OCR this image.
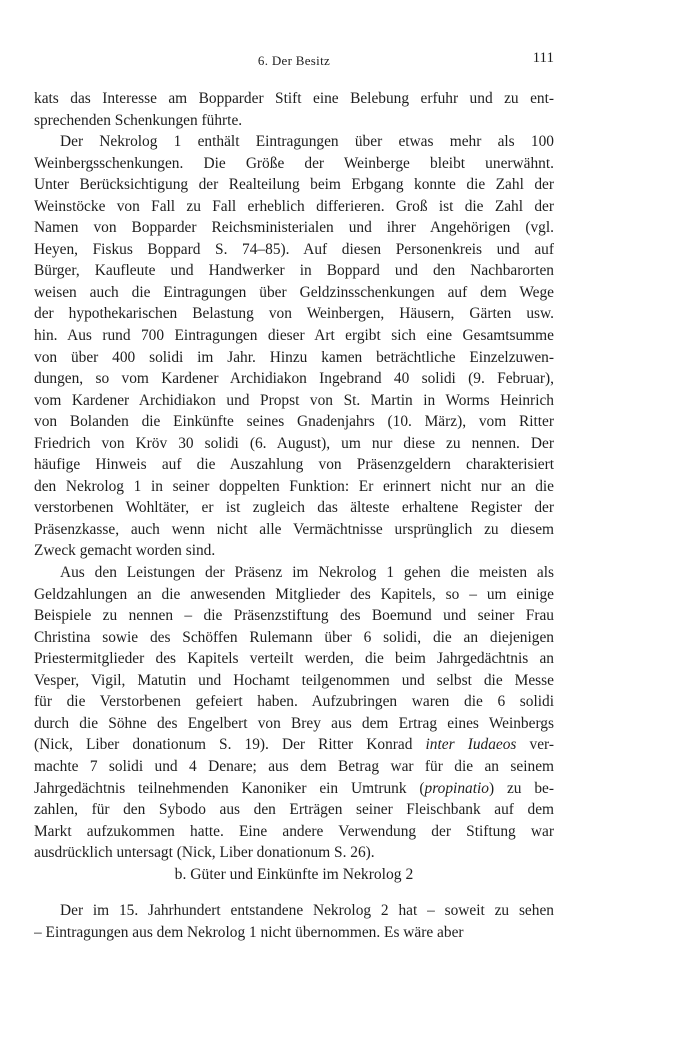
6. Der Besitz	111
kats das Interesse am Bopparder Stift eine Belebung erfuhr und zu ent-
sprechenden Schenkungen führte.
Der Nekrolog 1 enthält Eintragungen über etwas mehr als 100
Weinbergsschenkungen. Die Größe der Weinberge bleibt unerwähnt.
Unter Berücksichtigung der Realteilung beim Erbgang konnte die Zahl der
Weinstöcke von Fall zu Fall erheblich differieren. Groß ist die Zahl der
Namen von Bopparder Reichsministerialen und ihrer Angehörigen (vgl.
Heyen, Fiskus Boppard S. 74–85). Auf diesen Personenkreis und auf
Bürger, Kaufleute und Handwerker in Boppard und den Nachbarorten
weisen auch die Eintragungen über Geldzinsschenkungen auf dem Wege
der hypothekarischen Belastung von Weinbergen, Häusern, Gärten usw.
hin. Aus rund 700 Eintragungen dieser Art ergibt sich eine Gesamtsumme
von über 400 solidi im Jahr. Hinzu kamen beträchtliche Einzelzuwen-
dungen, so vom Kardener Archidiakon Ingebrand 40 solidi (9. Februar),
vom Kardener Archidiakon und Propst von St. Martin in Worms Heinrich
von Bolanden die Einkünfte seines Gnadenjahrs (10. März), vom Ritter
Friedrich von Kröv 30 solidi (6. August), um nur diese zu nennen. Der
häufige Hinweis auf die Auszahlung von Präsenzgeldern charakterisiert
den Nekrolog 1 in seiner doppelten Funktion: Er erinnert nicht nur an die
verstorbenen Wohltäter, er ist zugleich das älteste erhaltene Register der
Präsenzkasse, auch wenn nicht alle Vermächtnisse ursprünglich zu diesem
Zweck gemacht worden sind.
Aus den Leistungen der Präsenz im Nekrolog 1 gehen die meisten als
Geldzahlungen an die anwesenden Mitglieder des Kapitels, so – um einige
Beispiele zu nennen – die Präsenzstiftung des Boemund und seiner Frau
Christina sowie des Schöffen Rulemann über 6 solidi, die an diejenigen
Priestermitglieder des Kapitels verteilt werden, die beim Jahrgedächtnis an
Vesper, Vigil, Matutin und Hochamt teilgenommen und selbst die Messe
für die Verstorbenen gefeiert haben. Aufzubringen waren die 6 solidi
durch die Söhne des Engelbert von Brey aus dem Ertrag eines Weinbergs
(Nick, Liber donationum S. 19). Der Ritter Konrad inter Iudaeos ver-
machte 7 solidi und 4 Denare; aus dem Betrag war für die an seinem
Jahrgedächtnis teilnehmenden Kanoniker ein Umtrunk (propinatio) zu be-
zahlen, für den Sybodo aus den Erträgen seiner Fleischbank auf dem
Markt aufzukommen hatte. Eine andere Verwendung der Stiftung war
ausdrücklich untersagt (Nick, Liber donationum S. 26).
b. Güter und Einkünfte im Nekrolog 2
Der im 15. Jahrhundert entstandene Nekrolog 2 hat – soweit zu sehen
– Eintragungen aus dem Nekrolog 1 nicht übernommen. Es wäre aber
